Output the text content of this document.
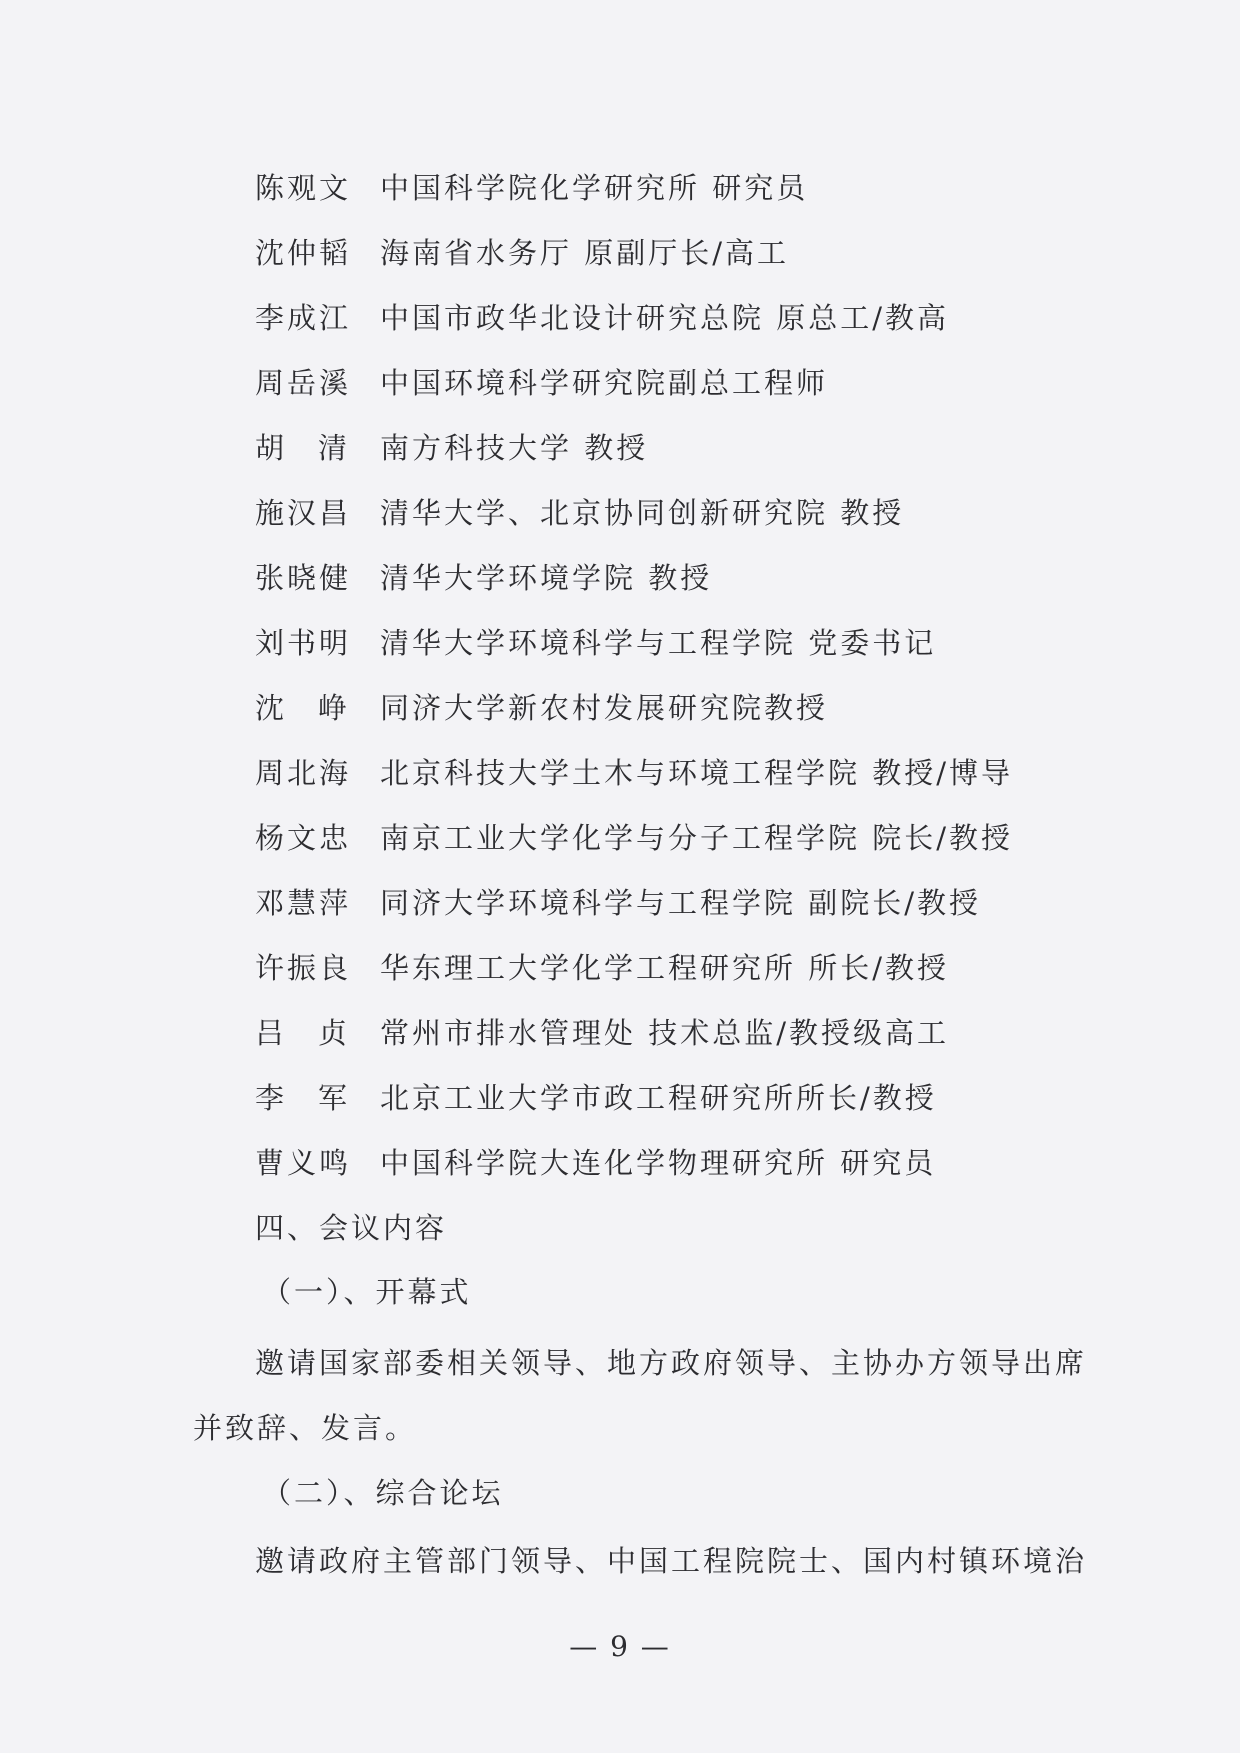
陈观文 中国科学院化学研究所 研究员
沈仲韬 海南省水务厅 原副厅长/高工
李成江 中国市政华北设计研究总院 原总工/教高
周岳溪 中国环境科学研究院副总工程师
胡清
南方科技大学 教授
施汉昌 清华大学、北京协同创新研究院 教授
张晓健 清华大学环境学院 教授
刘书明 清华大学环境科学与工程学院 党委书记
沈峥
同济大学新农村发展研究院教授
周北海 北京科技大学土木与环境工程学院 教授/博导
杨文忠 南京工业大学化学与分子工程学院 院长/教授
邓慧萍 同济大学环境科学与工程学院 副院长/教授
许振良 华东理工大学化学工程研究所 所长/教授
吕贞
常州市排水管理处 技术总监/教授级高工
李军
北京工业大学市政工程研究所所长/教授
曹义鸣 中国科学院大连化学物理研究所 研究员
四、会议内容
（一）、开幕式
邀请国家部委相关领导、地方政府领导、主协办方领导出席
并致辞、发言。
（二）、综合论坛
邀请政府主管部门领导、中国工程院院士、国内村镇环境治
— 9 —
